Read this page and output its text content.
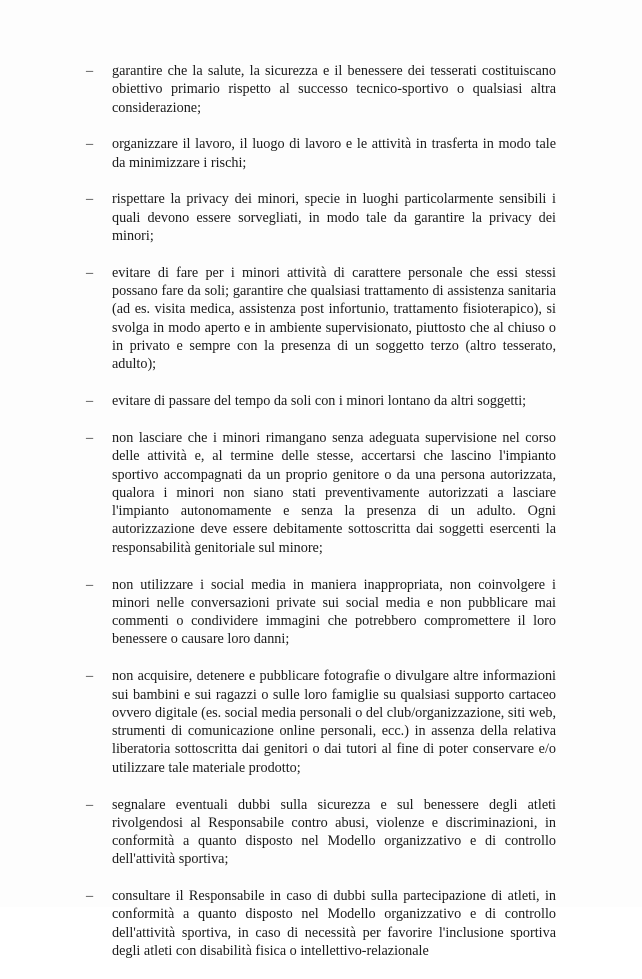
– garantire che la salute, la sicurezza e il benessere dei tesserati costituiscano obiettivo primario rispetto al successo tecnico-sportivo o qualsiasi altra considerazione;
– organizzare il lavoro, il luogo di lavoro e le attività in trasferta in modo tale da minimizzare i rischi;
– rispettare la privacy dei minori, specie in luoghi particolarmente sensibili i quali devono essere sorvegliati, in modo tale da garantire la privacy dei minori;
– evitare di fare per i minori attività di carattere personale che essi stessi possano fare da soli; garantire che qualsiasi trattamento di assistenza sanitaria (ad es. visita medica, assistenza post infortunio, trattamento fisioterapico), si svolga in modo aperto e in ambiente supervisionato, piuttosto che al chiuso o in privato e sempre con la presenza di un soggetto terzo (altro tesserato, adulto);
– evitare di passare del tempo da soli con i minori lontano da altri soggetti;
– non lasciare che i minori rimangano senza adeguata supervisione nel corso delle attività e, al termine delle stesse, accertarsi che lascino l'impianto sportivo accompagnati da un proprio genitore o da una persona autorizzata, qualora i minori non siano stati preventivamente autorizzati a lasciare l'impianto autonomamente e senza la presenza di un adulto. Ogni autorizzazione deve essere debitamente sottoscritta dai soggetti esercenti la responsabilità genitoriale sul minore;
– non utilizzare i social media in maniera inappropriata, non coinvolgere i minori nelle conversazioni private sui social media e non pubblicare mai commenti o condividere immagini che potrebbero compromettere il loro benessere o causare loro danni;
– non acquisire, detenere e pubblicare fotografie o divulgare altre informazioni sui bambini e sui ragazzi o sulle loro famiglie su qualsiasi supporto cartaceo ovvero digitale (es. social media personali o del club/organizzazione, siti web, strumenti di comunicazione online personali, ecc.) in assenza della relativa liberatoria sottoscritta dai genitori o dai tutori al fine di poter conservare e/o utilizzare tale materiale prodotto;
– segnalare eventuali dubbi sulla sicurezza e sul benessere degli atleti rivolgendosi al Responsabile contro abusi, violenze e discriminazioni, in conformità a quanto disposto nel Modello organizzativo e di controllo dell'attività sportiva;
– consultare il Responsabile in caso di dubbi sulla partecipazione di atleti, in conformità a quanto disposto nel Modello organizzativo e di controllo dell'attività sportiva, in caso di necessità per favorire l'inclusione sportiva degli atleti con disabilità fisica o intellettivo-relazionale
